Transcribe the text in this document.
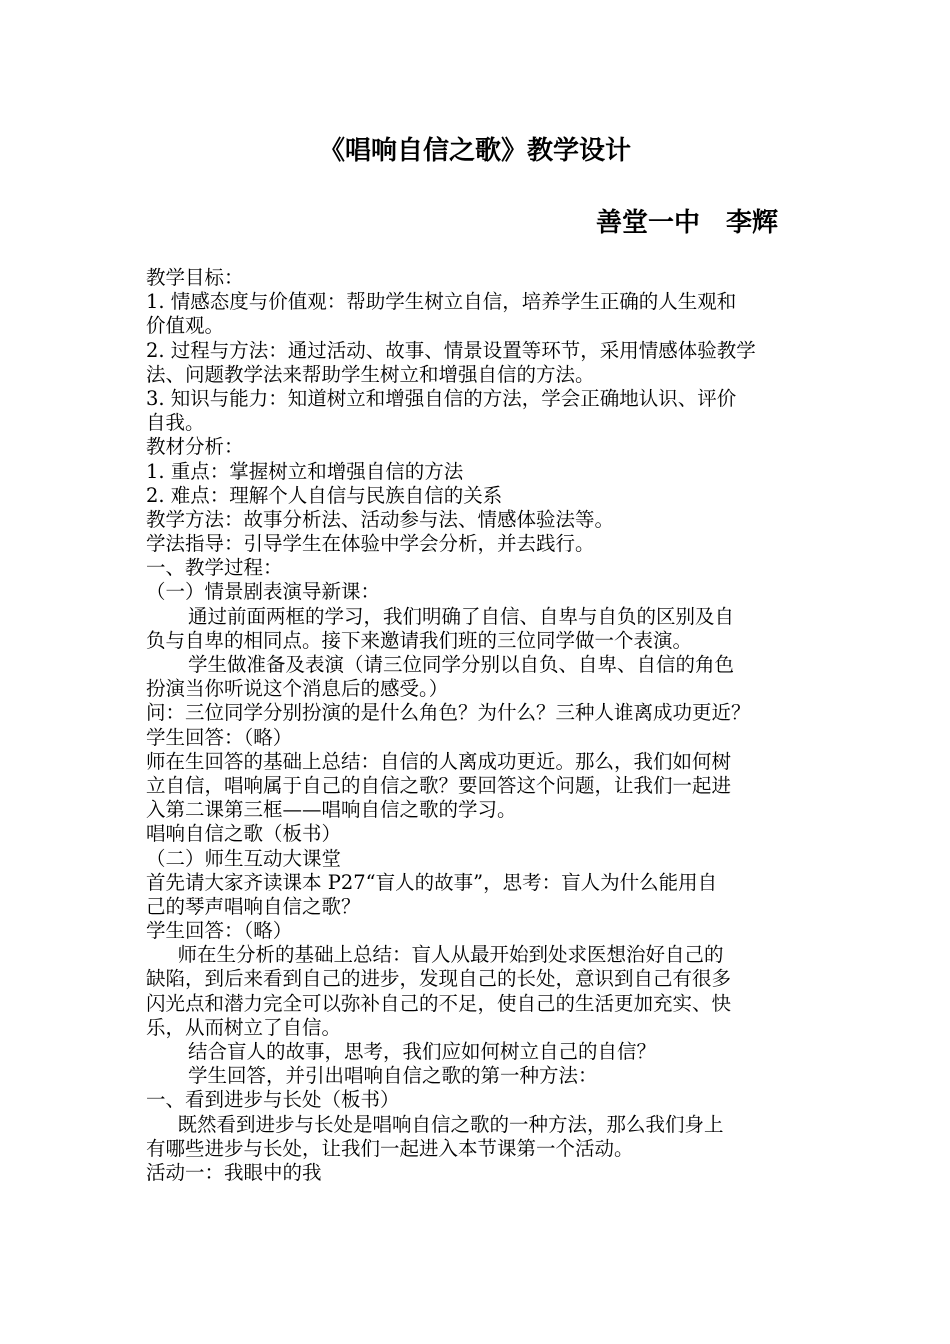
《唱响自信之歌》教学设计
善堂一中　李辉
教学目标：
1. 情感态度与价值观：帮助学生树立自信，培养学生正确的人生观和
价值观。
2. 过程与方法：通过活动、故事、情景设置等环节，采用情感体验教学
法、问题教学法来帮助学生树立和增强自信的方法。
3. 知识与能力：知道树立和增强自信的方法，学会正确地认识、评价
自我。
教材分析：
1. 重点：掌握树立和增强自信的方法
2. 难点：理解个人自信与民族自信的关系
教学方法：故事分析法、活动参与法、情感体验法等。
学法指导：引导学生在体验中学会分析，并去践行。
一、教学过程：
（一）情景剧表演导新课：
通过前面两框的学习，我们明确了自信、自卑与自负的区别及自
负与自卑的相同点。接下来邀请我们班的三位同学做一个表演。
学生做准备及表演（请三位同学分别以自负、自卑、自信的角色
扮演当你听说这个消息后的感受。）
问：三位同学分别扮演的是什么角色？为什么？三种人谁离成功更近？
学生回答：（略）
师在生回答的基础上总结：自信的人离成功更近。那么，我们如何树
立自信，唱响属于自己的自信之歌？要回答这个问题，让我们一起进
入第二课第三框——唱响自信之歌的学习。
唱响自信之歌（板书）
（二）师生互动大课堂
首先请大家齐读课本 P27“盲人的故事”，思考：盲人为什么能用自
己的琴声唱响自信之歌？
学生回答：（略）
师在生分析的基础上总结：盲人从最开始到处求医想治好自己的
缺陷，到后来看到自己的进步，发现自己的长处，意识到自己有很多
闪光点和潜力完全可以弥补自己的不足，使自己的生活更加充实、快
乐，从而树立了自信。
结合盲人的故事，思考，我们应如何树立自己的自信？
学生回答，并引出唱响自信之歌的第一种方法：
一、看到进步与长处（板书）
既然看到进步与长处是唱响自信之歌的一种方法，那么我们身上
有哪些进步与长处，让我们一起进入本节课第一个活动。
活动一：我眼中的我
